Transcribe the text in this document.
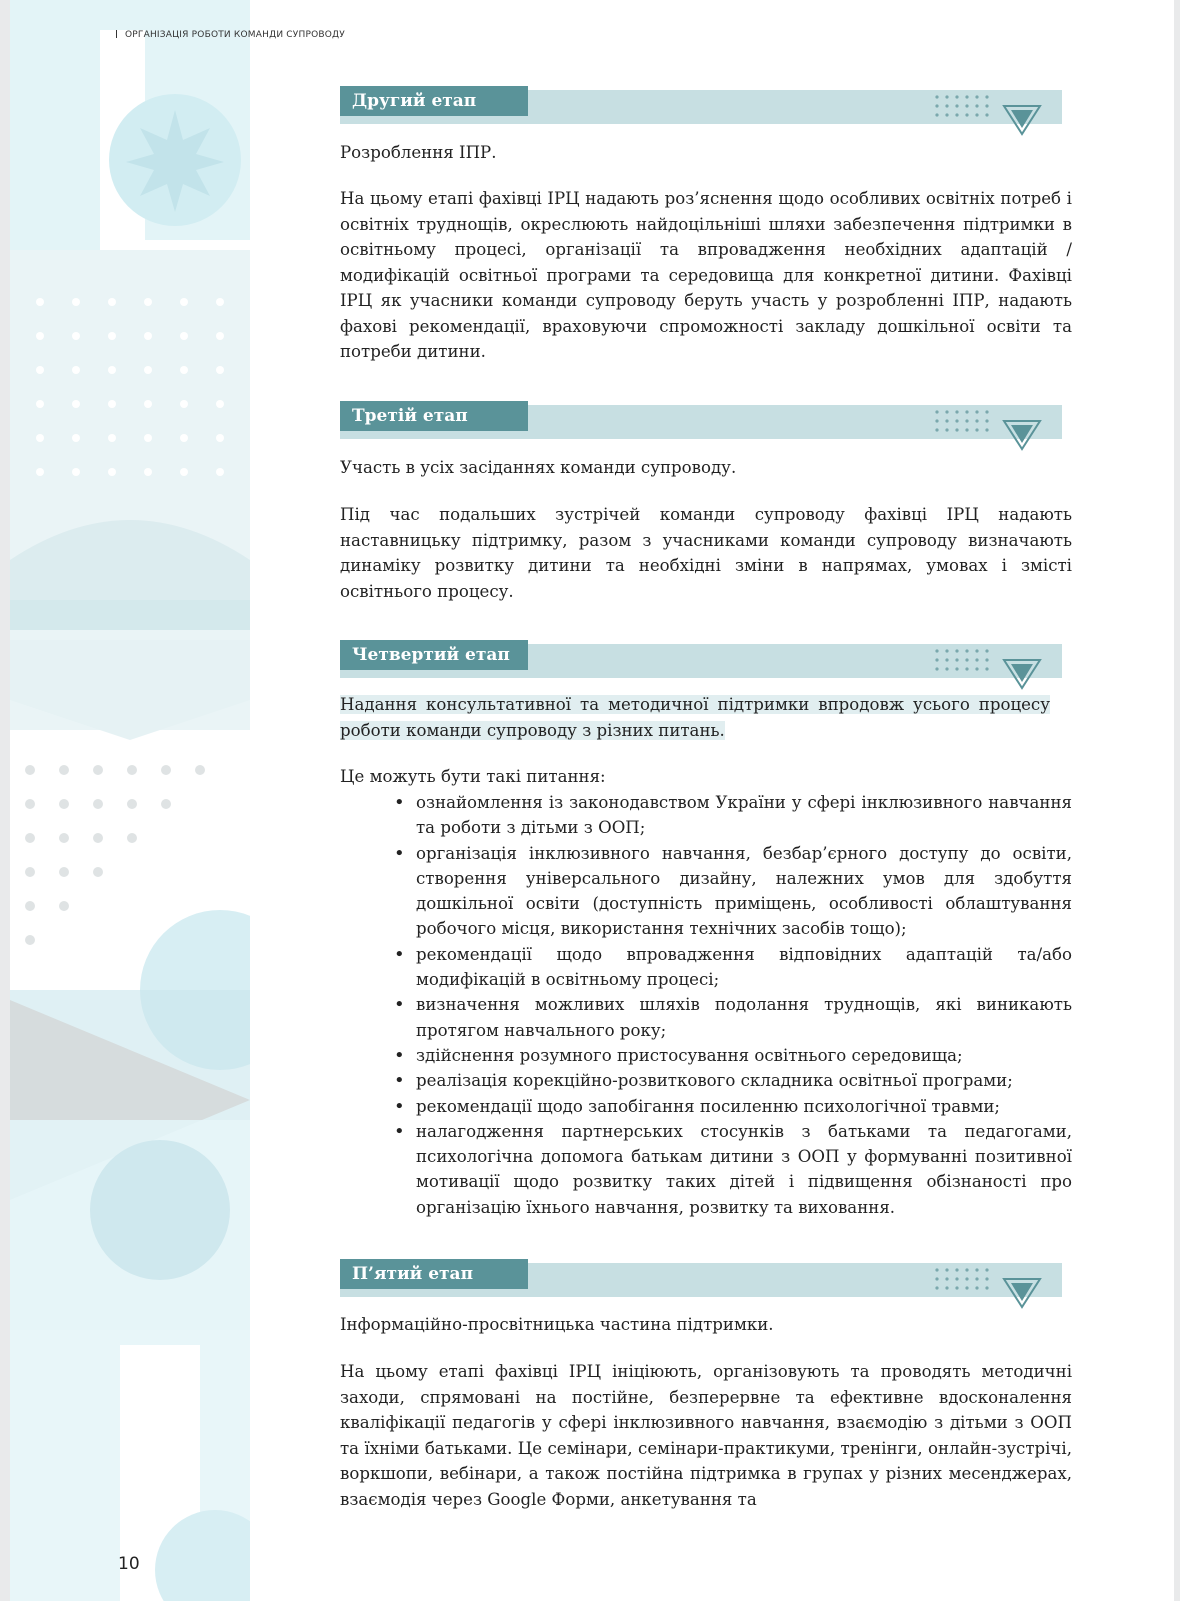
ОРГАНІЗАЦІЯ РОБОТИ КОМАНДИ СУПРОВОДУ
Другий етап
Розроблення ІПР.
На цьому етапі фахівці ІРЦ надають роз’яснення щодо особливих освітніх потреб і освітніх труднощів, окреслюють найдоцільніші шляхи забезпечення підтримки в освітньому процесі, організації та впровадження необхідних адаптацій / модифікацій освітньої програми та середовища для конкретної дитини. Фахівці ІРЦ як учасники команди супроводу беруть участь у розробленні ІПР, надають фахові рекомендації, враховуючи спроможності закладу дошкільної освіти та потреби дитини.
Третій етап
Участь в усіх засіданнях команди супроводу.
Під час подальших зустрічей команди супроводу фахівці ІРЦ надають наставницьку підтримку, разом з учасниками команди супроводу визначають динаміку розвитку дитини та необхідні зміни в напрямах, умовах і змісті освітнього процесу.
Четвертий етап
Надання консультативної та методичної підтримки впродовж усього процесу роботи команди супроводу з різних питань.
Це можуть бути такі питання:
• ознайомлення із законодавством України у сфері інклюзивного навчання та роботи з дітьми з ООП;
• організація інклюзивного навчання, безбар’єрного доступу до освіти, створення універсального дизайну, належних умов для здобуття дошкільної освіти (доступність приміщень, особливості облаштування робочого місця, використання технічних засобів тощо);
• рекомендації щодо впровадження відповідних адаптацій та/або модифікацій в освітньому процесі;
• визначення можливих шляхів подолання труднощів, які виникають протягом навчального року;
• здійснення розумного пристосування освітнього середовища;
• реалізація корекційно-розвиткового складника освітньої програми;
• рекомендації щодо запобігання посиленню психологічної травми;
• налагодження партнерських стосунків з батьками та педагогами, психологічна допомога батькам дитини з ООП у формуванні позитивної мотивації щодо розвитку таких дітей і підвищення обізнаності про організацію їхнього навчання, розвитку та виховання.
П’ятий етап
Інформаційно-просвітницька частина підтримки.
На цьому етапі фахівці ІРЦ ініціюють, організовують та проводять методичні заходи, спрямовані на постійне, безперервне та ефективне вдосконалення кваліфікації педагогів у сфері інклюзивного навчання, взаємодію з дітьми з ООП та їхніми батьками. Це семінари, семінари-практикуми, тренінги, онлайн-зустрічі, воркшопи, вебінари, а також постійна підтримка в групах у різних месенджерах, взаємодія через Google Форми, анкетування та
10
